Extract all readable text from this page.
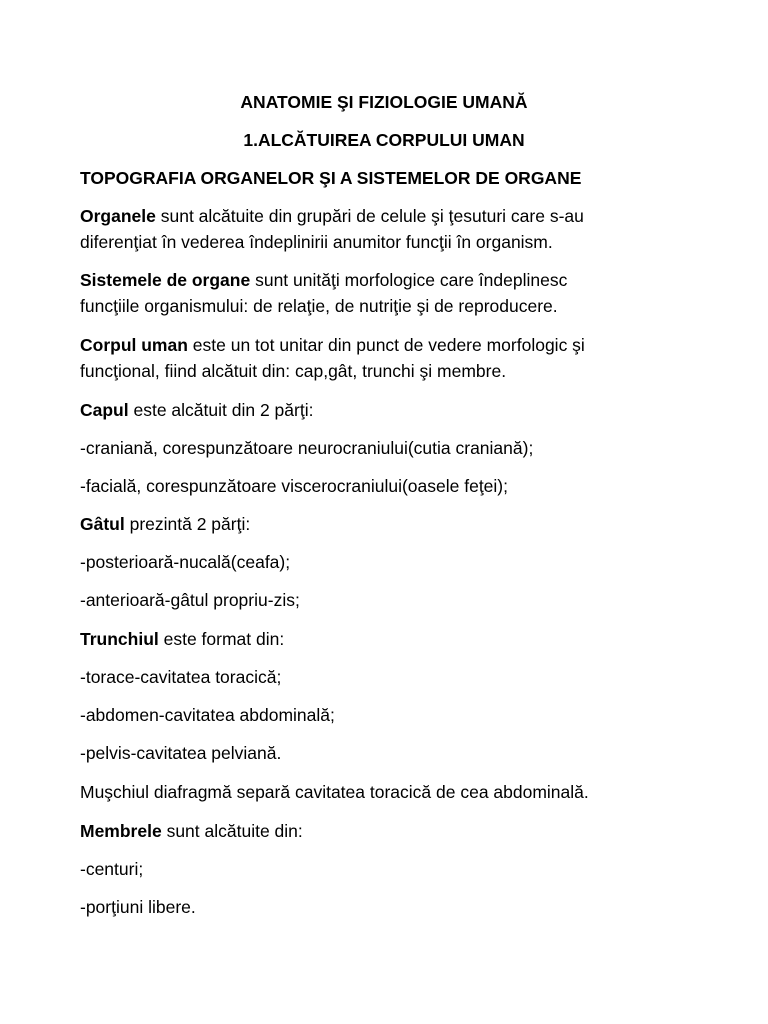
ANATOMIE ŞI FIZIOLOGIE UMANĂ
1.ALCĂTUIREA CORPULUI UMAN
TOPOGRAFIA ORGANELOR ŞI A SISTEMELOR DE ORGANE
Organele sunt alcătuite din grupări de celule şi ţesuturi care s-au
diferenţiat în vederea îndeplinirii anumitor funcţii în organism.
Sistemele de organe sunt unităţi morfologice care îndeplinesc
funcţiile organismului: de relaţie, de nutriţie şi de reproducere.
Corpul uman este un tot unitar din punct de vedere morfologic şi
funcţional, fiind alcătuit din: cap,gât, trunchi şi membre.
Capul este alcătuit din 2 părţi:
-craniană, corespunzătoare neurocraniului(cutia craniană);
-facială, corespunzătoare viscerocraniului(oasele feţei);
Gâtul prezintă 2 părţi:
-posterioară-nucală(ceafa);
-anterioară-gâtul propriu-zis;
Trunchiul este format din:
-torace-cavitatea toracică;
-abdomen-cavitatea abdominală;
-pelvis-cavitatea pelviană.
Muşchiul diafragmă separă cavitatea toracică de cea abdominală.
Membrele sunt alcătuite din:
-centuri;
-porţiuni libere.
